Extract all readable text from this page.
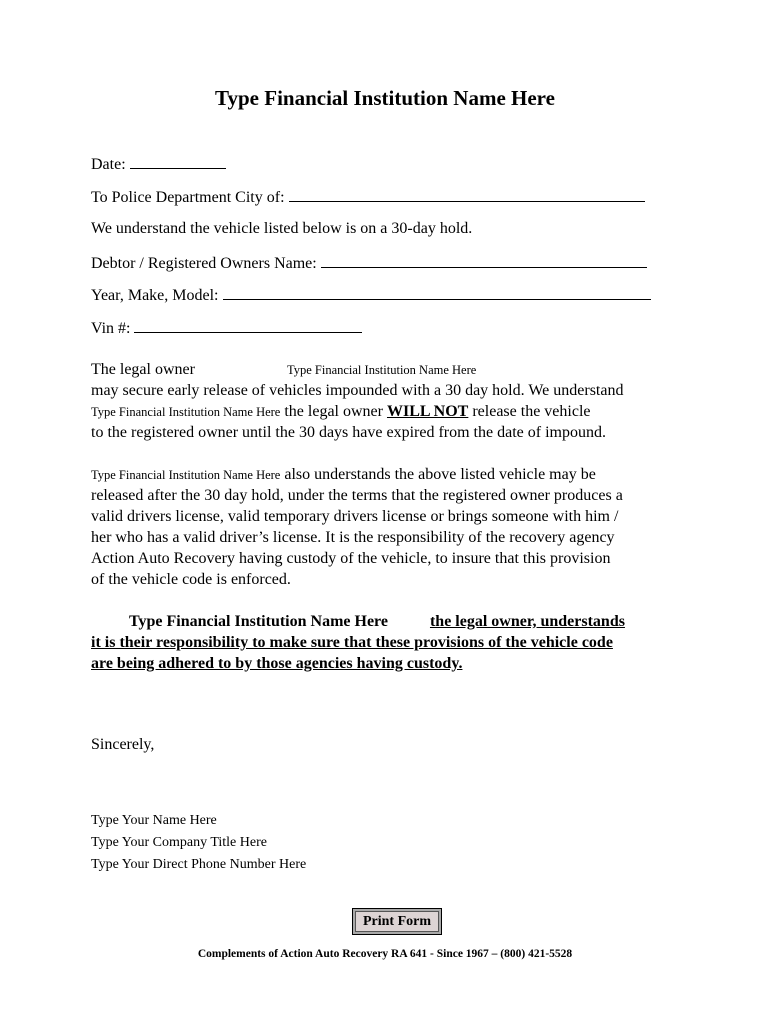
Type Financial Institution Name Here
Date:
To Police Department City of:
We understand the vehicle listed below is on a 30-day hold.
Debtor / Registered Owners Name:
Year, Make, Model:
Vin #:
The legal owner	Type Financial Institution Name Here
may secure early release of vehicles impounded with a 30 day hold. We understand
Type Financial Institution Name Here the legal owner WILL NOT release the vehicle
to the registered owner until the 30 days have expired from the date of impound.
Type Financial Institution Name Here also understands the above listed vehicle may be
released after the 30 day hold, under the terms that the registered owner produces a
valid drivers license, valid temporary drivers license or brings someone with him /
her who has a valid driver’s license. It is the responsibility of the recovery agency
Action Auto Recovery having custody of the vehicle, to insure that this provision
of the vehicle code is enforced.
Type Financial Institution Name Here	the legal owner, understands
it is their responsibility to make sure that these provisions of the vehicle code
are being adhered to by those agencies having custody.
Sincerely,
Type Your Name Here
Type Your Company Title Here
Type Your Direct Phone Number Here
Print Form
Complements of Action Auto Recovery RA 641 - Since 1967 – (800) 421-5528
